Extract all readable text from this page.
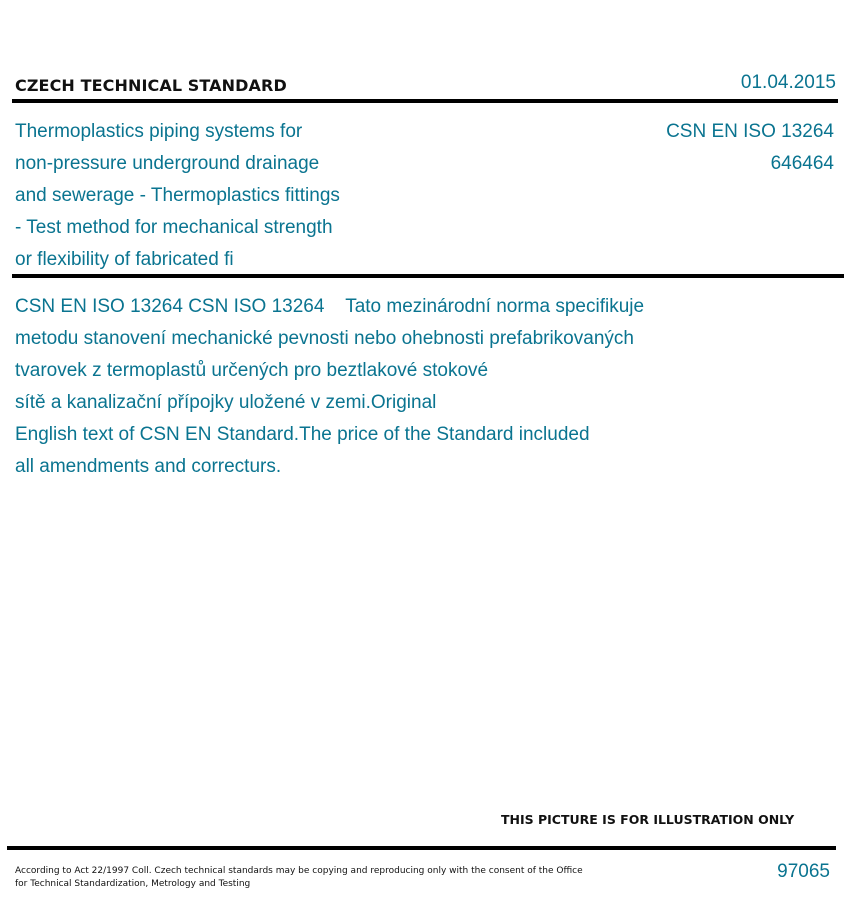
CZECH TECHNICAL STANDARD	01.04.2015
Thermoplastics piping systems for
non-pressure underground drainage
and sewerage - Thermoplastics fittings
- Test method for mechanical strength
or flexibility of fabricated fi
CSN EN ISO 13264
646464
CSN EN ISO 13264 CSN ISO 13264    Tato mezinárodní norma specifikuje
metodu stanovení mechanické pevnosti nebo ohebnosti prefabrikovaných
tvarovek z termoplastů určených pro beztlakové stokové
sítě a kanalizační přípojky uložené v zemi.Original
English text of CSN EN Standard.The price of the Standard included
all amendments and correcturs.
THIS PICTURE IS FOR ILLUSTRATION ONLY
According to Act 22/1997 Coll. Czech technical standards may be copying and reproducing only with the consent of the Office
for Technical Standardization, Metrology and Testing
97065
